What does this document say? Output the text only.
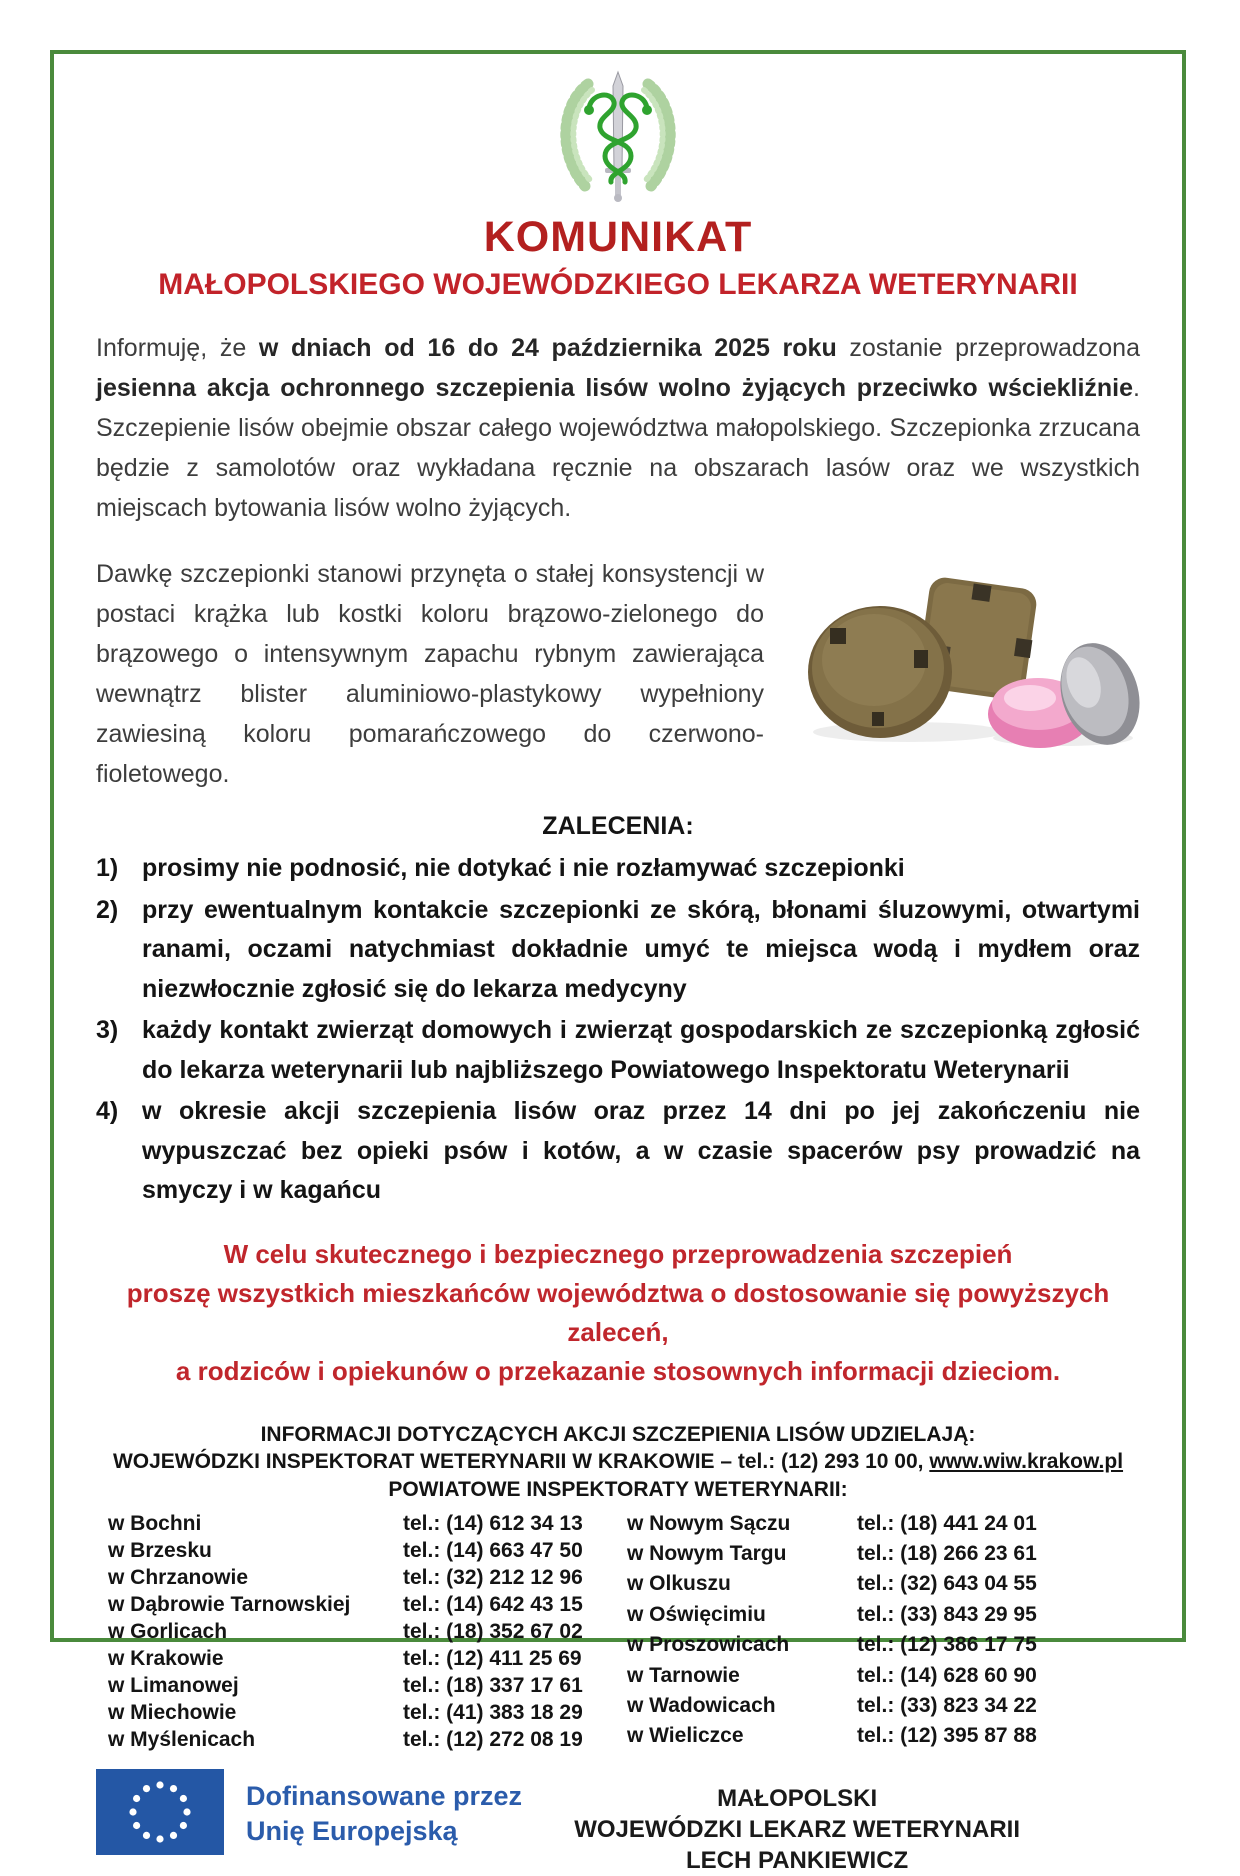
KOMUNIKAT
MAŁOPOLSKIEGO WOJEWÓDZKIEGO LEKARZA WETERYNARII

Informuję, że w dniach od 16 do 24 października 2025 roku zostanie przeprowadzona jesienna akcja ochronnego szczepienia lisów wolno żyjących przeciwko wściekliźnie. Szczepienie lisów obejmie obszar całego województwa małopolskiego. Szczepionka zrzucana będzie z samolotów oraz wykładana ręcznie na obszarach lasów oraz we wszystkich miejscach bytowania lisów wolno żyjących.

Dawkę szczepionki stanowi przynęta o stałej konsystencji w postaci krążka lub kostki koloru brązowo-zielonego do brązowego o intensywnym zapachu rybnym zawierająca wewnątrz blister aluminiowo-plastykowy wypełniony zawiesiną koloru pomarańczowego do czerwono-fioletowego.

ZALECENIA:
1) prosimy nie podnosić, nie dotykać i nie rozłamywać szczepionki
2) przy ewentualnym kontakcie szczepionki ze skórą, błonami śluzowymi, otwartymi ranami, oczami natychmiast dokładnie umyć te miejsca wodą i mydłem oraz niezwłocznie zgłosić się do lekarza medycyny
3) każdy kontakt zwierząt domowych i zwierząt gospodarskich ze szczepionką zgłosić do lekarza weterynarii lub najbliższego Powiatowego Inspektoratu Weterynarii
4) w okresie akcji szczepienia lisów oraz przez 14 dni po jej zakończeniu nie wypuszczać bez opieki psów i kotów, a w czasie spacerów psy prowadzić na smyczy i w kagańcu
W celu skutecznego i bezpiecznego przeprowadzenia szczepień
proszę wszystkich mieszkańców województwa o dostosowanie się powyższych zaleceń,
a rodziców i opiekunów o przekazanie stosownych informacji dzieciom.
INFORMACJI DOTYCZĄCYCH AKCJI SZCZEPIENIA LISÓW UDZIELAJĄ:
WOJEWÓDZKI INSPEKTORAT WETERYNARII W KRAKOWIE – tel.: (12) 293 10 00, www.wiw.krakow.pl
POWIATOWE INSPEKTORATY WETERYNARII:
w Bochni	tel.: (14) 612 34 13
w Brzesku	tel.: (14) 663 47 50
w Chrzanowie	tel.: (32) 212 12 96
w Dąbrowie Tarnowskiej	tel.: (14) 642 43 15
w Gorlicach	tel.: (18) 352 67 02
w Krakowie	tel.: (12) 411 25 69
w Limanowej	tel.: (18) 337 17 61
w Miechowie	tel.: (41) 383 18 29
w Myślenicach	tel.: (12) 272 08 19
w Nowym Sączu	tel.: (18) 441 24 01
w Nowym Targu	tel.: (18) 266 23 61
w Olkuszu	tel.: (32) 643 04 55
w Oświęcimiu	tel.: (33) 843 29 95
w Proszowicach	tel.: (12) 386 17 75
w Tarnowie	tel.: (14) 628 60 90
w Wadowicach	tel.: (33) 823 34 22
w Wieliczce	tel.: (12) 395 87 88
Dofinansowane przez
Unię Europejską
MAŁOPOLSKI
WOJEWÓDZKI LEKARZ WETERYNARII
LECH PANKIEWICZ
